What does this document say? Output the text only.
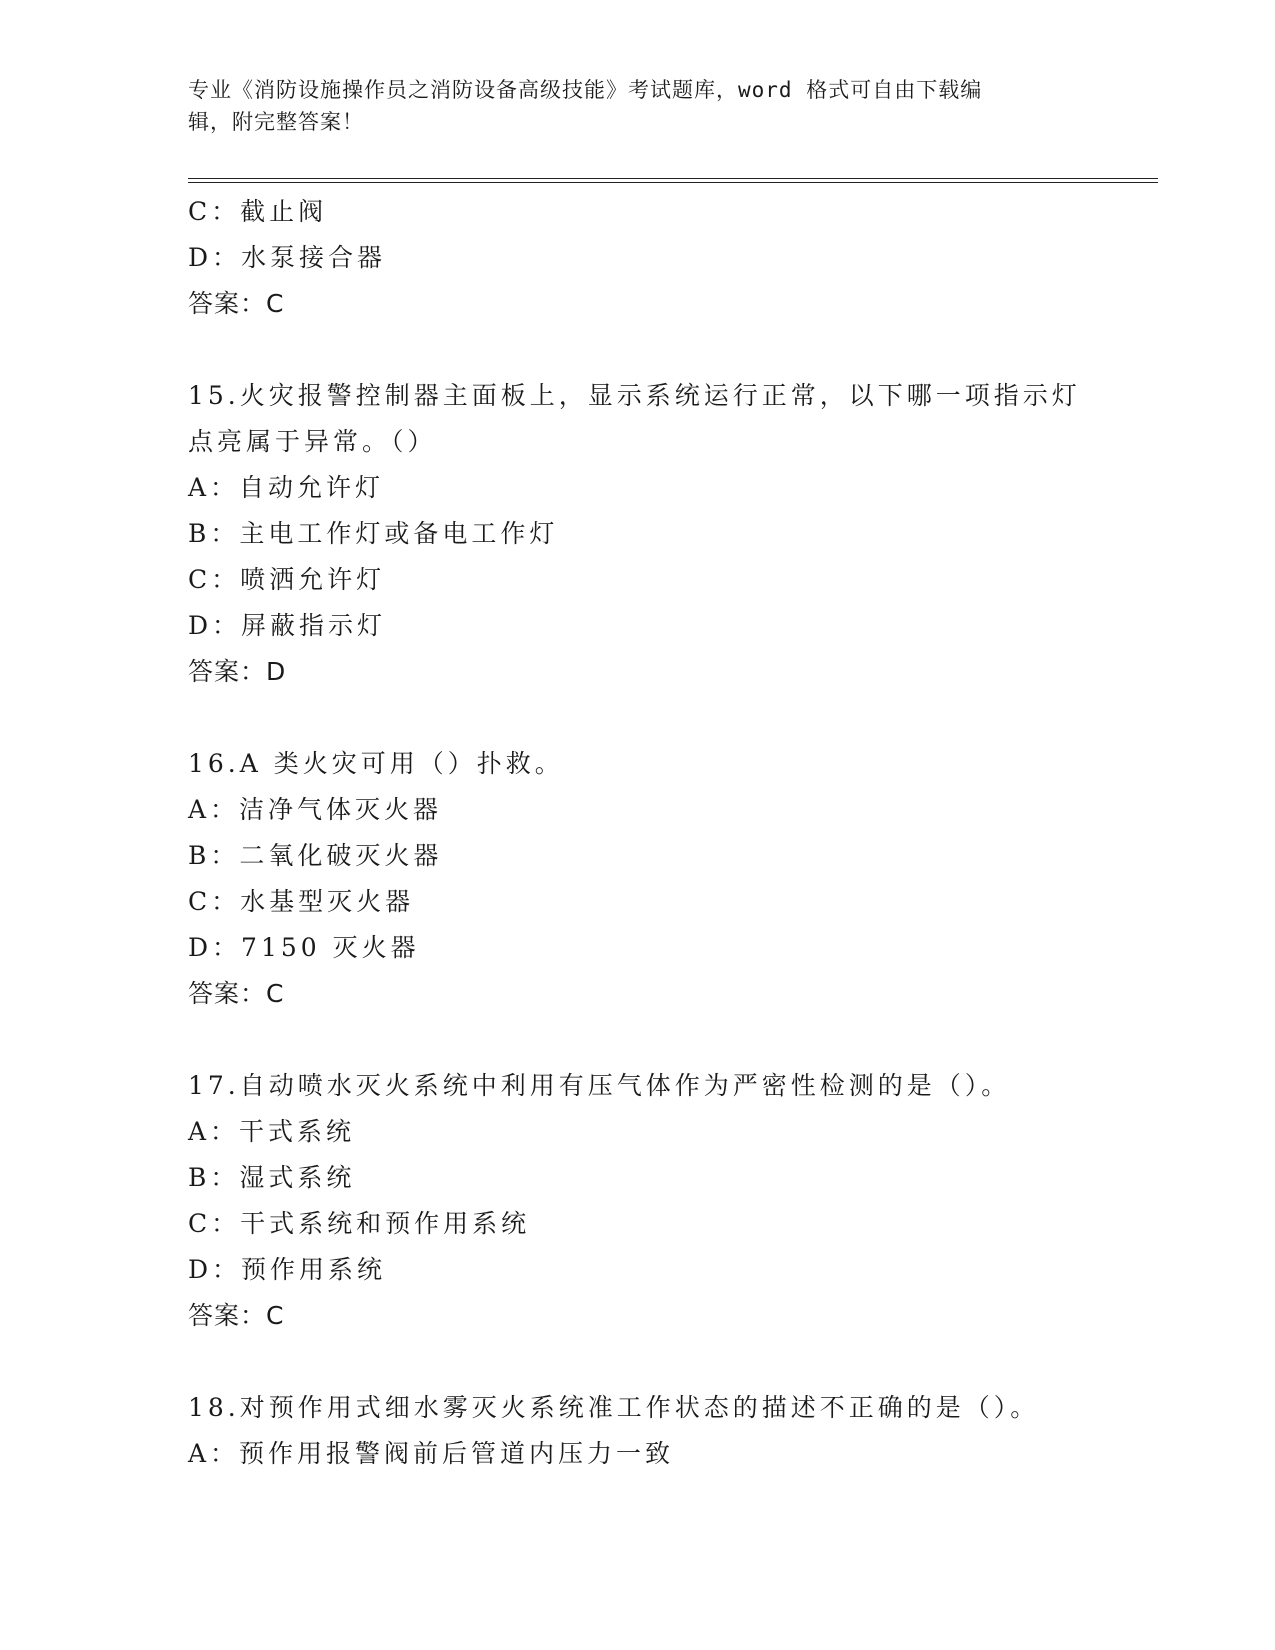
专业《消防设施操作员之消防设备高级技能》考试题库，word 格式可自由下载编
辑，附完整答案！
C：截止阀
D：水泵接合器
答案：C
15.火灾报警控制器主面板上，显示系统运行正常，以下哪一项指示灯
点亮属于异常。（）
A：自动允许灯
B：主电工作灯或备电工作灯
C：喷洒允许灯
D：屏蔽指示灯
答案：D
16.A 类火灾可用（）扑救。
A：洁净气体灭火器
B：二氧化破灭火器
C：水基型灭火器
D：7150 灭火器
答案：C
17.自动喷水灭火系统中利用有压气体作为严密性检测的是（）。
A：干式系统
B：湿式系统
C：干式系统和预作用系统
D：预作用系统
答案：C
18.对预作用式细水雾灭火系统准工作状态的描述不正确的是（）。
A：预作用报警阀前后管道内压力一致
